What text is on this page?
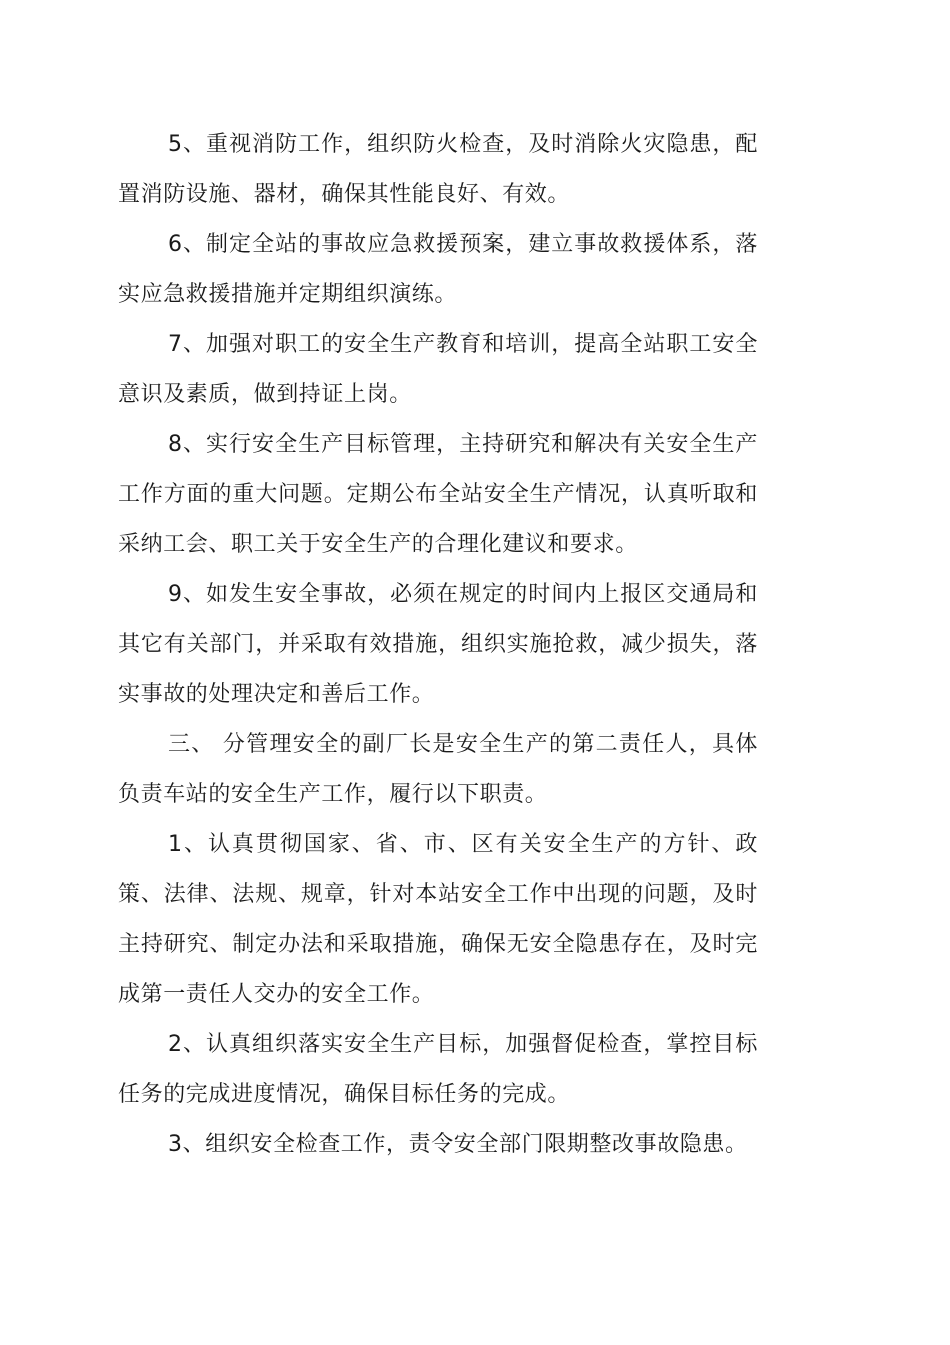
5、重视消防工作，组织防火检查，及时消除火灾隐患，配置消防设施、器材，确保其性能良好、有效。

6、制定全站的事故应急救援预案，建立事故救援体系，落实应急救援措施并定期组织演练。

7、加强对职工的安全生产教育和培训，提高全站职工安全意识及素质，做到持证上岗。

8、实行安全生产目标管理，主持研究和解决有关安全生产工作方面的重大问题。定期公布全站安全生产情况，认真听取和采纳工会、职工关于安全生产的合理化建议和要求。

9、如发生安全事故，必须在规定的时间内上报区交通局和其它有关部门，并采取有效措施，组织实施抢救，减少损失，落实事故的处理决定和善后工作。

三、 分管理安全的副厂长是安全生产的第二责任人，具体负责车站的安全生产工作，履行以下职责。

1、认真贯彻国家、省、市、区有关安全生产的方针、政策、法律、法规、规章，针对本站安全工作中出现的问题，及时主持研究、制定办法和采取措施，确保无安全隐患存在，及时完成第一责任人交办的安全工作。

2、认真组织落实安全生产目标，加强督促检查，掌控目标任务的完成进度情况，确保目标任务的完成。

3、组织安全检查工作，责令安全部门限期整改事故隐患。
